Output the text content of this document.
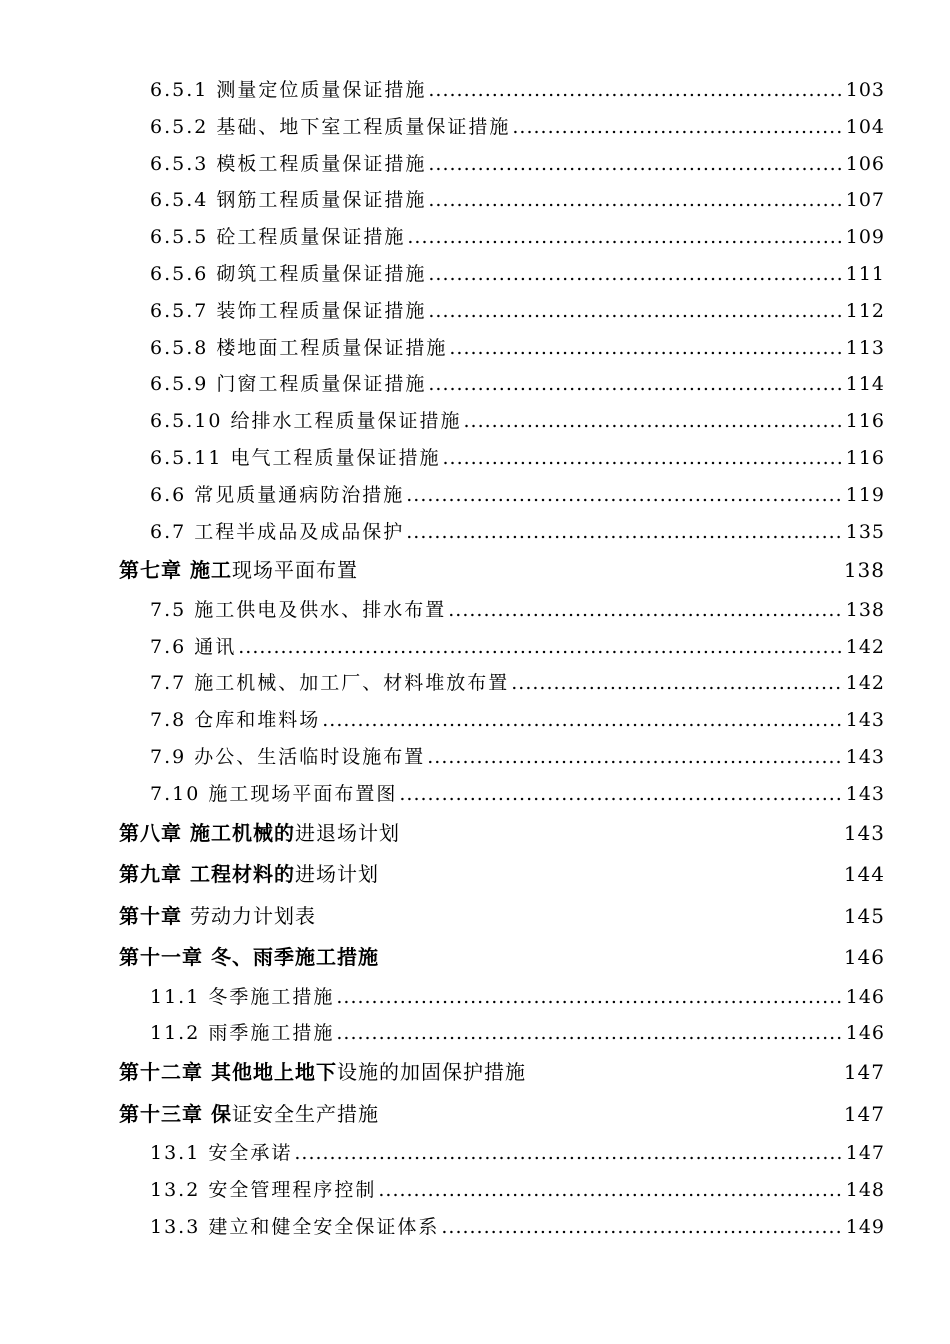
6.5.1 测量定位质量保证措施 .....	103
6.5.2 基础、地下室工程质量保证措施 .....	104
6.5.3 模板工程质量保证措施 .....	106
6.5.4 钢筋工程质量保证措施 .....	107
6.5.5 砼工程质量保证措施 .....	109
6.5.6 砌筑工程质量保证措施 .....	111
6.5.7 装饰工程质量保证措施 .....	112
6.5.8 楼地面工程质量保证措施 .....	113
6.5.9 门窗工程质量保证措施 .....	114
6.5.10 给排水工程质量保证措施 .....	116
6.5.11 电气工程质量保证措施 .....	116
6.6 常见质量通病防治措施 .....	119
6.7 工程半成品及成品保护 .....	135
第七章 施工现场平面布置	138
7.5 施工供电及供水、排水布置 .....	138
7.6 通讯 .....	142
7.7 施工机械、加工厂、材料堆放布置 .....	142
7.8 仓库和堆料场 .....	143
7.9 办公、生活临时设施布置 .....	143
7.10 施工现场平面布置图 .....	143
第八章 施工机械的进退场计划	143
第九章 工程材料的进场计划	144
第十章 劳动力计划表	145
第十一章 冬、雨季施工措施	146
11.1 冬季施工措施 .....	146
11.2 雨季施工措施 .....	146
第十二章 其他地上地下设施的加固保护措施	147
第十三章 保证安全生产措施	147
13.1 安全承诺 .....	147
13.2 安全管理程序控制 .....	148
13.3 建立和健全安全保证体系 .....	149
